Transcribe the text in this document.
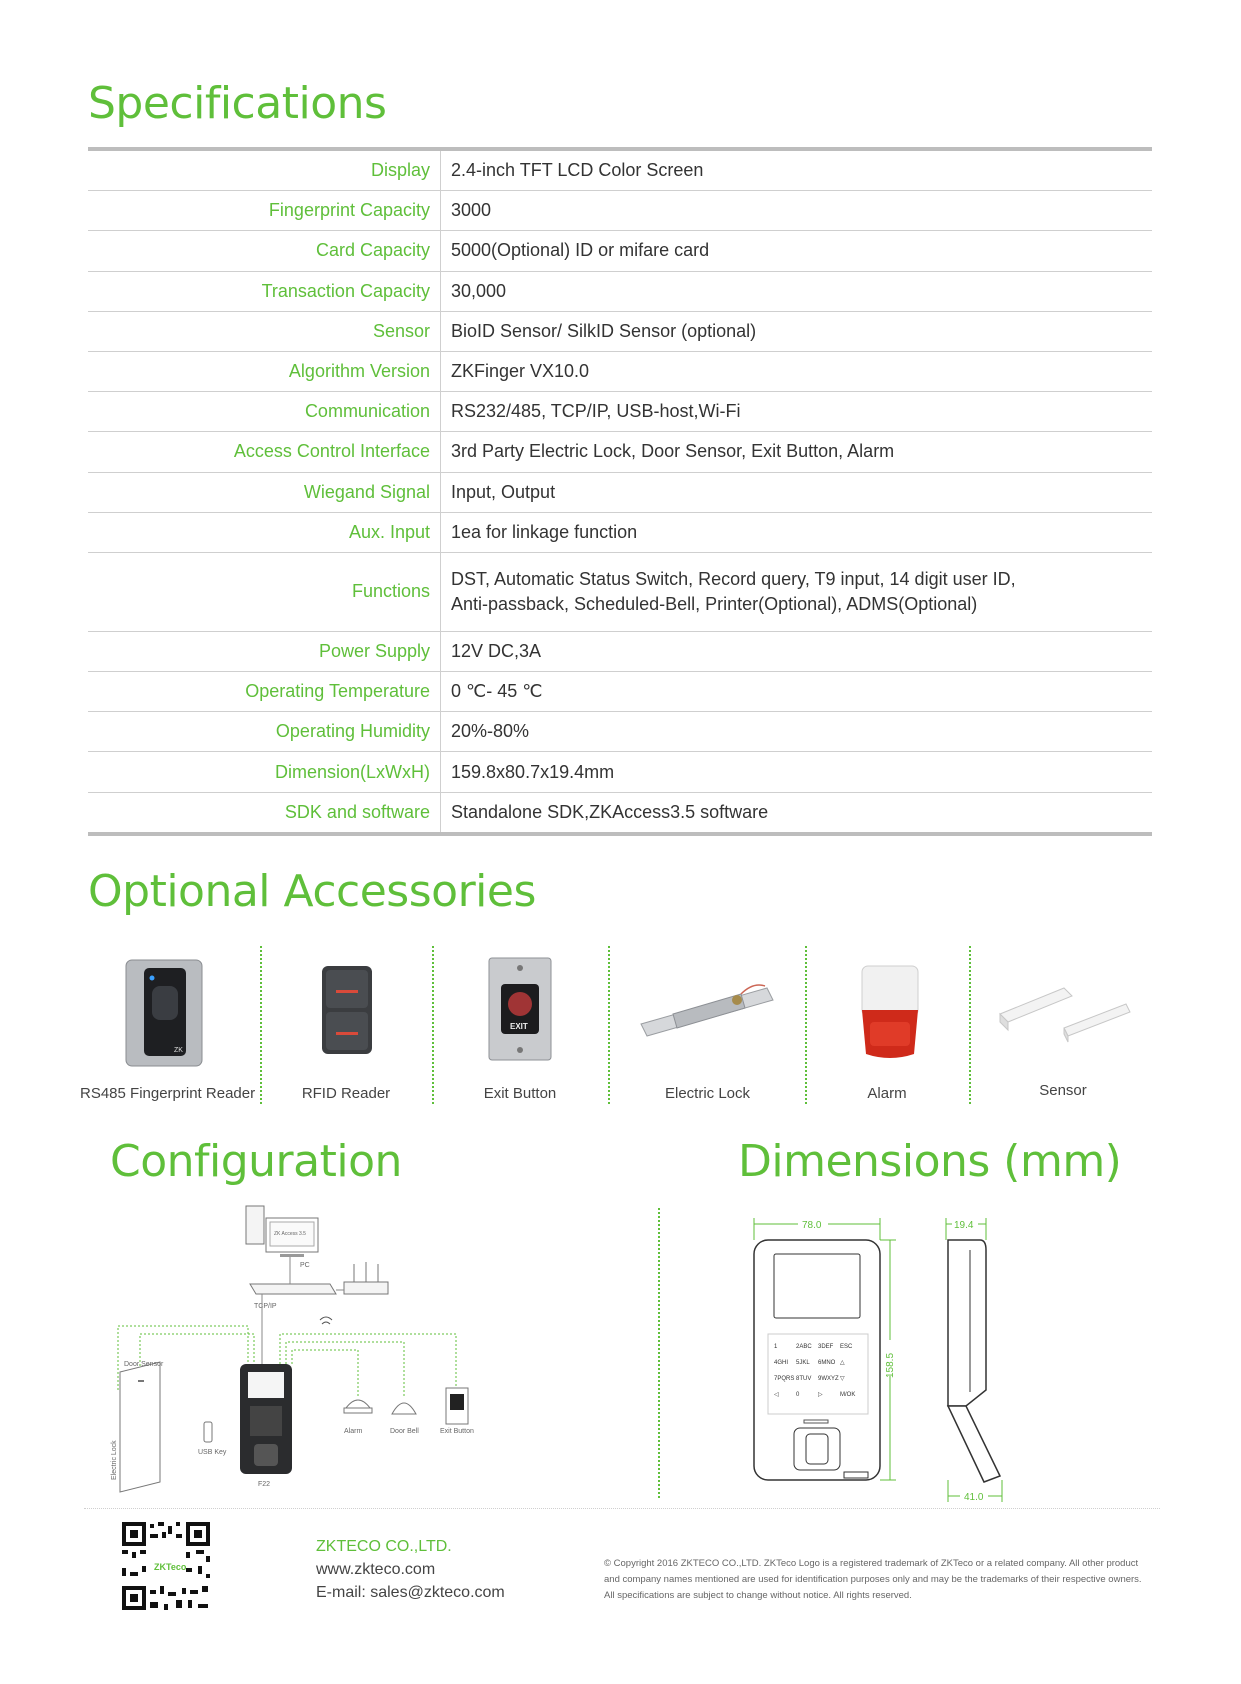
Specifications
Optional Accessories
Configuration	Dimensions (mm)
Display	2.4-inch TFT LCD Color Screen
Fingerprint Capacity	3000
Card Capacity	5000(Optional) ID or mifare card
Transaction Capacity	30,000
Sensor	BioID Sensor/ SilkID Sensor (optional)
Algorithm Version	ZKFinger VX10.0
Communication	RS232/485, TCP/IP, USB-host,Wi-Fi
Access Control Interface	3rd Party Electric Lock, Door Sensor, Exit Button, Alarm
Wiegand Signal	Input, Output
Aux. Input	1ea for linkage function
Functions	DST, Automatic Status Switch, Record query, T9 input, 14 digit user ID,
Anti-passback, Scheduled-Bell, Printer(Optional), ADMS(Optional)

Power Supply	12V DC,3A
Operating Temperature	0 ℃- 45 ℃
Operating Humidity	20%-80%
Dimension(LxWxH)	159.8x80.7x19.4mm
SDK and software	Standalone SDK,ZKAccess3.5 software
ZK
RS485 Fingerprint Reader	RFID Reader
EXIT
Exit Button	Electric Lock	Alarm	Sensor
ZK Access 3.5
PC
TCP/IP
Door Sensor
Electric Lock	USB Key
F22
Alarm	Door Bell	Exit Button
78.0
1	2ABC 3DEF ESC
4GHI 5JKL 6MNO △
7PQRS 8TUV 9WXYZ ▽
◁	0	▷	M/OK
158.5
19.4
41.0
ZKTeco
ZKTECO CO.,LTD.
www.zkteco.com
E-mail: sales@zkteco.com
© Copyright 2016 ZKTECO CO.,LTD. ZKTeco Logo is a registered trademark of ZKTeco or a related company. All other product and company names mentioned are used for identification purposes only and may be the trademarks of their respective owners. All specifications are subject to change without notice. All rights reserved.
